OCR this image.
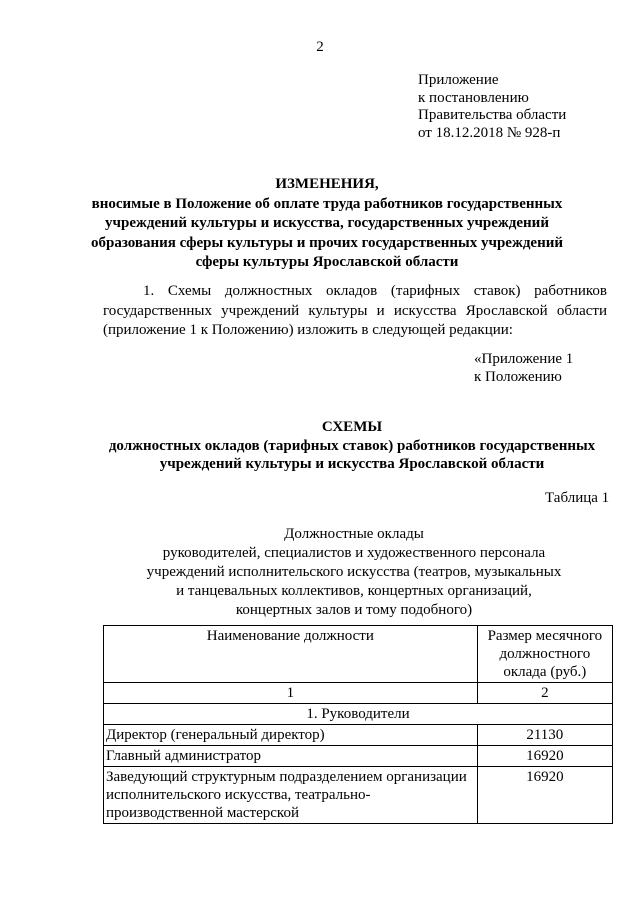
2
Приложение
к постановлению
Правительства области
от 18.12.2018 № 928-п
ИЗМЕНЕНИЯ,
вносимые в Положение об оплате труда работников государственных
учреждений культуры и искусства, государственных учреждений
образования сферы культуры и прочих государственных учреждений
сферы культуры Ярославской области
1. Схемы должностных окладов (тарифных ставок) работников государственных учреждений культуры и искусства Ярославской области (приложение 1 к Положению) изложить в следующей редакции:
«Приложение 1
к Положению
СХЕМЫ
должностных окладов (тарифных ставок) работников государственных
учреждений культуры и искусства Ярославской области
Таблица 1
Должностные оклады
руководителей, специалистов и художественного персонала
учреждений исполнительского искусства (театров, музыкальных
и танцевальных коллективов, концертных организаций,
концертных залов и тому подобного)
Наименование должности	Размер месячного должностного оклада (руб.)
1	2
1. Руководители	
Директор (генеральный директор)	21130
Главный администратор	16920
Заведующий структурным подразделением организации исполнительского искусства, театрально-производственной мастерской	16920
